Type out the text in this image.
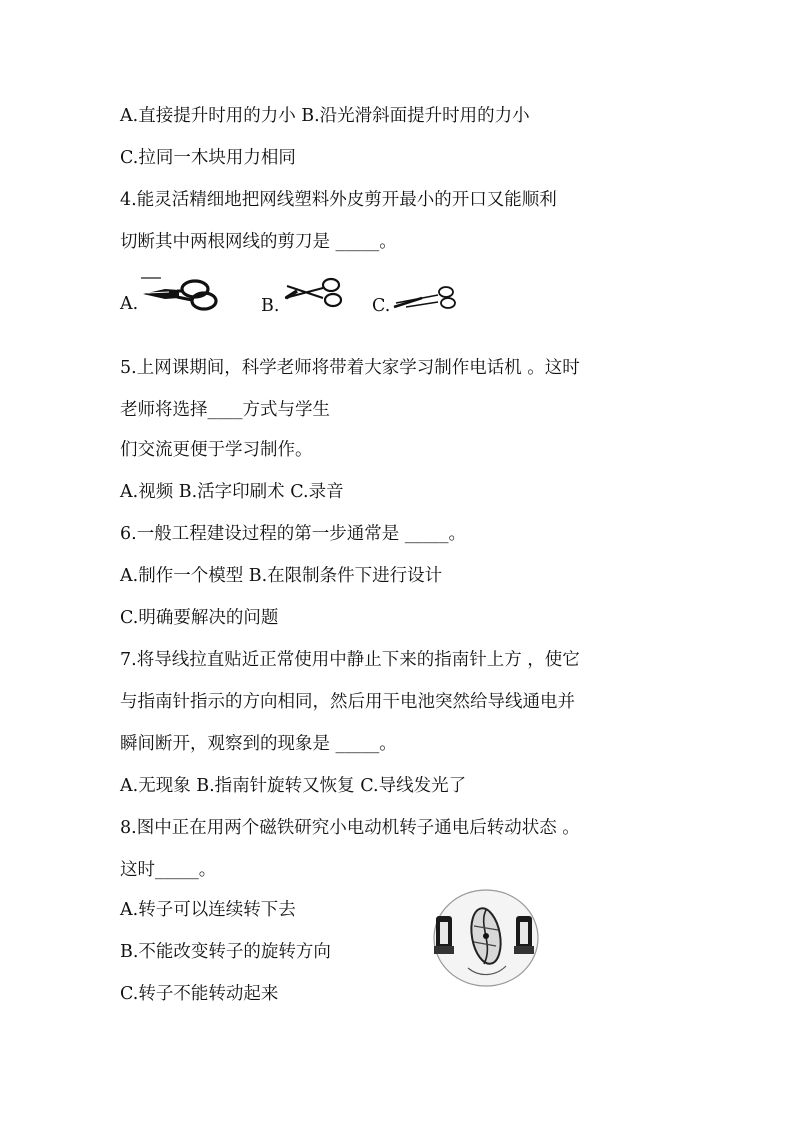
A.直接提升时用的力小 B.沿光滑斜面提升时用的力小
C.拉同一木块用力相同
4.能灵活精细地把网线塑料外皮剪开最小的开口又能顺利
切断其中两根网线的剪刀是 _____。
A.	B.	C.
5.上网课期间，科学老师将带着大家学习制作电话机 。这时
老师将选择____方式与学生
们交流更便于学习制作。
A.视频 B.活字印刷术 C.录音
6.一般工程建设过程的第一步通常是 _____。
A.制作一个模型 B.在限制条件下进行设计
C.明确要解决的问题
7.将导线拉直贴近正常使用中静止下来的指南针上方 ，使它
与指南针指示的方向相同，然后用干电池突然给导线通电并
瞬间断开，观察到的现象是 _____。
A.无现象 B.指南针旋转又恢复 C.导线发光了
8.图中正在用两个磁铁研究小电动机转子通电后转动状态 。
这时_____。
A.转子可以连续转下去
B.不能改变转子的旋转方向
C.转子不能转动起来
